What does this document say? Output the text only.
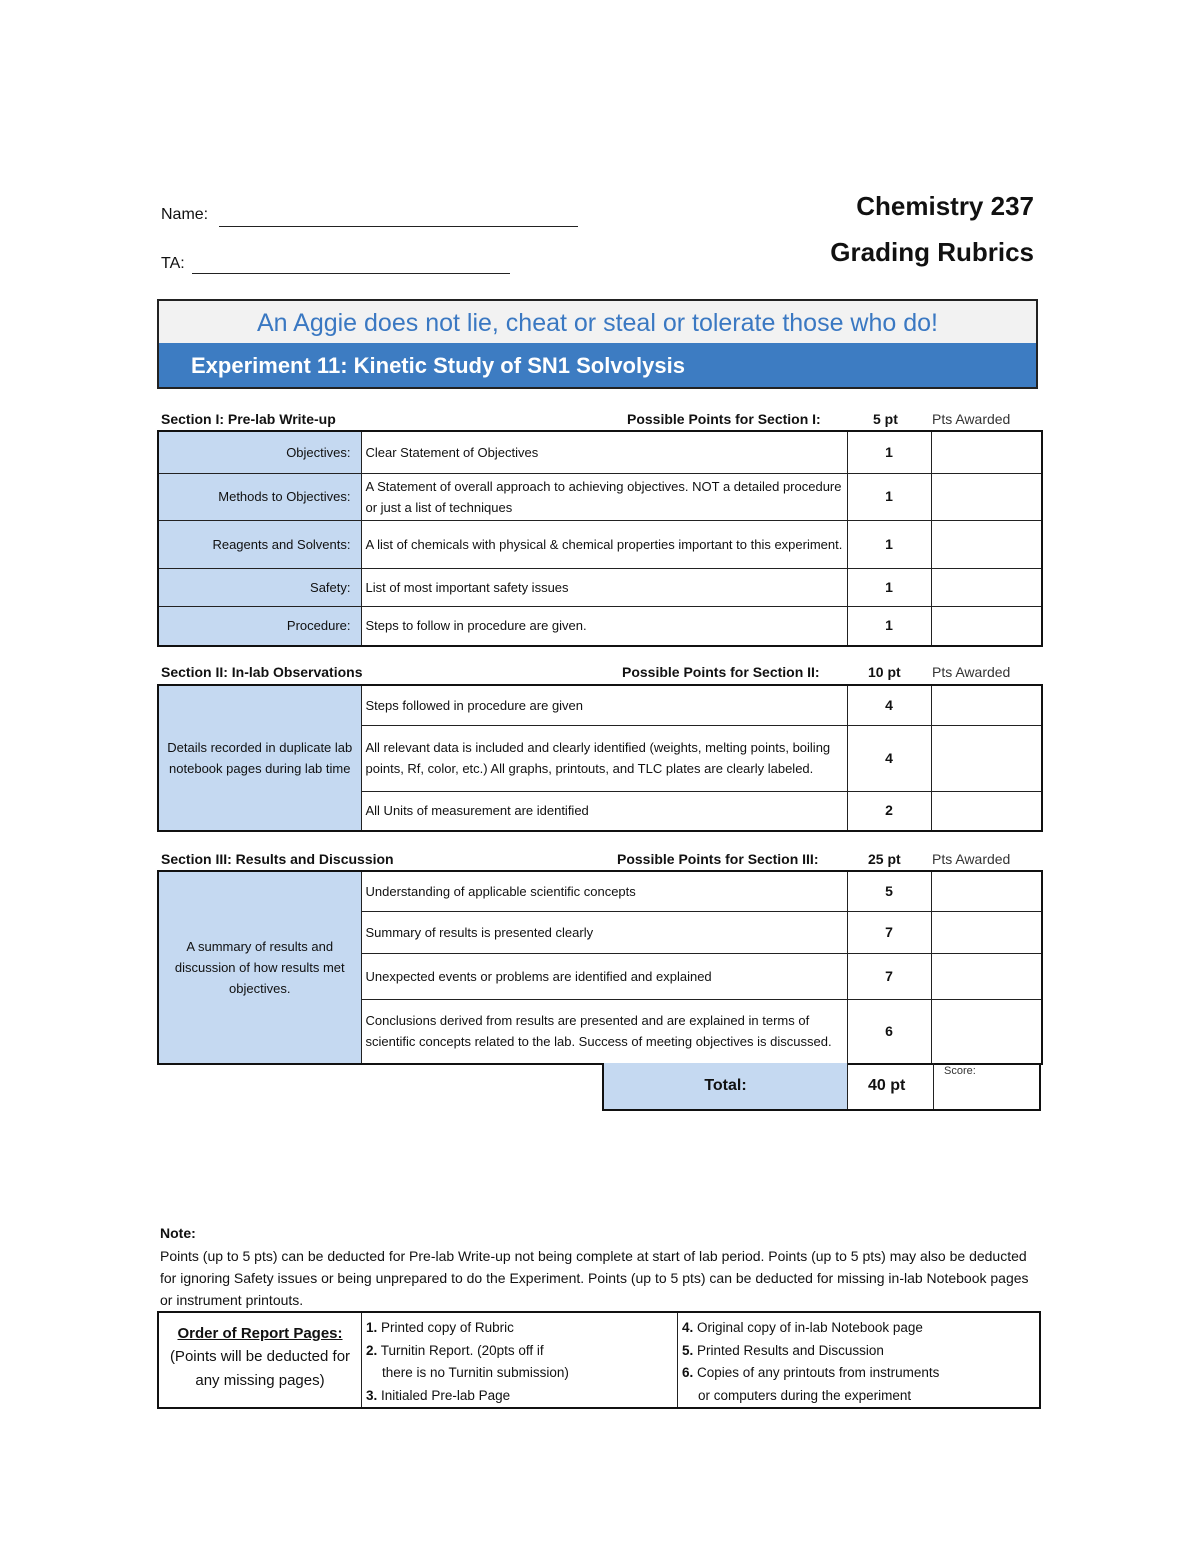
Name:
TA:
Chemistry 237
Grading Rubrics
An Aggie does not lie, cheat or steal or tolerate those who do!
Experiment 11: Kinetic Study of SN1 Solvolysis
Section I: Pre-lab Write-up	Possible Points for Section I:	5 pt Pts Awarded
Objectives:	Clear Statement of Objectives	1	
Methods to Objectives:	A Statement of overall approach to achieving objectives. NOT a detailed procedure or just a list of techniques	1	
Reagents and Solvents:	A list of chemicals with physical & chemical properties important to this experiment.	1	
Safety:	List of most important safety issues	1	
Procedure:	Steps to follow in procedure are given.	1	
Section II: In-lab Observations	Possible Points for Section II:	10 pt Pts Awarded
Details recorded in duplicate lab notebook pages during lab time	Steps followed in procedure are given	4	
	All relevant data is included and clearly identified (weights, melting points, boiling points, Rf, color, etc.) All graphs, printouts, and TLC plates are clearly labeled.	4	
	All Units of measurement are identified	2	
Section III: Results and Discussion	Possible Points for Section III:	25 pt Pts Awarded
A summary of results and discussion of how results met objectives.	Understanding of applicable scientific concepts	5	
	Summary of results is presented clearly	7	
	Unexpected events or problems are identified and explained	7	
	Conclusions derived from results are presented and are explained in terms of scientific concepts related to the lab. Success of meeting objectives is discussed.	6	
Total:	40 pt
Score:
Note:
Points (up to 5 pts) can be deducted for Pre-lab Write-up not being complete at start of lab period. Points (up to 5 pts) may also be deducted for ignoring Safety issues or being unprepared to do the Experiment. Points (up to 5 pts) can be deducted for missing in-lab Notebook pages or instrument printouts.
Order of Report Pages:
(Points will be deducted for any missing pages)
1. Printed copy of Rubric
2. Turnitin Report. (20pts off if
there is no Turnitin submission)
3. Initialed Pre-lab Page
4. Original copy of in-lab Notebook page
5. Printed Results and Discussion
6. Copies of any printouts from instruments
or computers during the experiment
